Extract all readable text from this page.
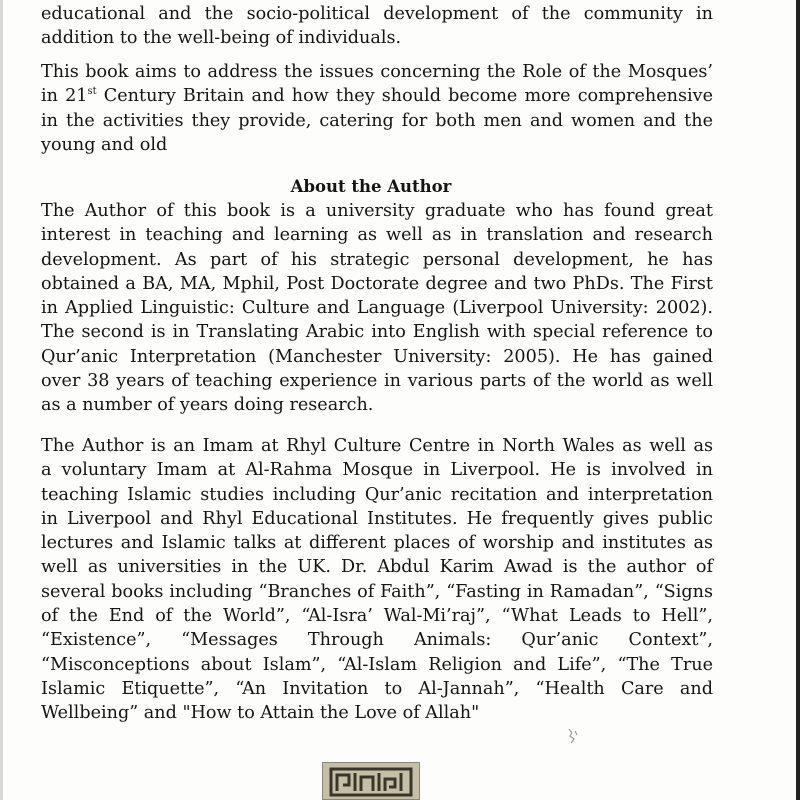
educational and the socio-political development of the community in
addition to the well-being of individuals.
This book aims to address the issues concerning the Role of the Mosques’
in 21st Century Britain and how they should become more comprehensive
in the activities they provide, catering for both men and women and the
young and old
About the Author
The Author of this book is a university graduate who has found great
interest in teaching and learning as well as in translation and research
development. As part of his strategic personal development, he has
obtained a BA, MA, Mphil, Post Doctorate degree and two PhDs. The First
in Applied Linguistic: Culture and Language (Liverpool University: 2002).
The second is in Translating Arabic into English with special reference to
Qur’anic Interpretation (Manchester University: 2005). He has gained
over 38 years of teaching experience in various parts of the world as well
as a number of years doing research.
The Author is an Imam at Rhyl Culture Centre in North Wales as well as
a voluntary Imam at Al-Rahma Mosque in Liverpool. He is involved in
teaching Islamic studies including Qur’anic recitation and interpretation
in Liverpool and Rhyl Educational Institutes. He frequently gives public
lectures and Islamic talks at different places of worship and institutes as
well as universities in the UK. Dr. Abdul Karim Awad is the author of
several books including “Branches of Faith”, “Fasting in Ramadan”, “Signs
of the End of the World”, “Al-Isra’ Wal-Mi’raj”, “What Leads to Hell”,
“Existence”, “Messages Through Animals: Qur’anic Context”,
“Misconceptions about Islam”, “Al-Islam Religion and Life”, “The True
Islamic Etiquette”, “An Invitation to Al-Jannah”, “Health Care and
Wellbeing” and "How to Attain the Love of Allah"
